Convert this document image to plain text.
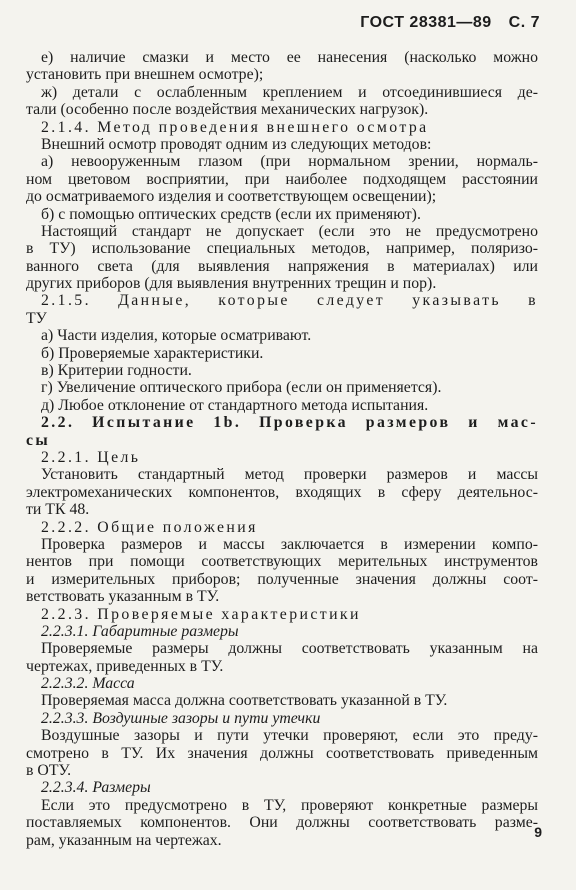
ГОСТ 28381—89 С. 7
е) наличие смазки и место ее нанесения (насколько можно
установить при внешнем осмотре);
ж) детали с ослабленным креплением и отсоединившиеся де-
тали (особенно после воздействия механических нагрузок).
2.1.4. Метод проведения внешнего осмотра
Внешний осмотр проводят одним из следующих методов:
а) невооруженным глазом (при нормальном зрении, нормаль-
ном цветовом восприятии, при наиболее подходящем расстоянии
до осматриваемого изделия и соответствующем освещении);
б) с помощью оптических средств (если их применяют).
Настоящий стандарт не допускает (если это не предусмотрено
в ТУ) использование специальных методов, например, поляризо-
ванного света (для выявления напряжения в материалах) или
других приборов (для выявления внутренних трещин и пор).
2.1.5. Данные, которые следует указывать в
ТУ
а) Части изделия, которые осматривают.
б) Проверяемые характеристики.
в) Критерии годности.
г) Увеличение оптического прибора (если он применяется).
д) Любое отклонение от стандартного метода испытания.
2.2. Испытание 1b. Проверка размеров и мас-
сы
2.2.1. Цель
Установить стандартный метод проверки размеров и массы
электромеханических компонентов, входящих в сферу деятельнос-
ти ТК 48.
2.2.2. Общие положения
Проверка размеров и массы заключается в измерении компо-
нентов при помощи соответствующих мерительных инструментов
и измерительных приборов; полученные значения должны соот-
ветствовать указанным в ТУ.
2.2.3. Проверяемые характеристики
2.2.3.1. Габаритные размеры
Проверяемые размеры должны соответствовать указанным на
чертежах, приведенных в ТУ.
2.2.3.2. Масса
Проверяемая масса должна соответствовать указанной в ТУ.
2.2.3.3. Воздушные зазоры и пути утечки
Воздушные зазоры и пути утечки проверяют, если это преду-
смотрено в ТУ. Их значения должны соответствовать приведенным
в ОТУ.
2.2.3.4. Размеры
Если это предусмотрено в ТУ, проверяют конкретные размеры
поставляемых компонентов. Они должны соответствовать разме-
рам, указанным на чертежах.	9
